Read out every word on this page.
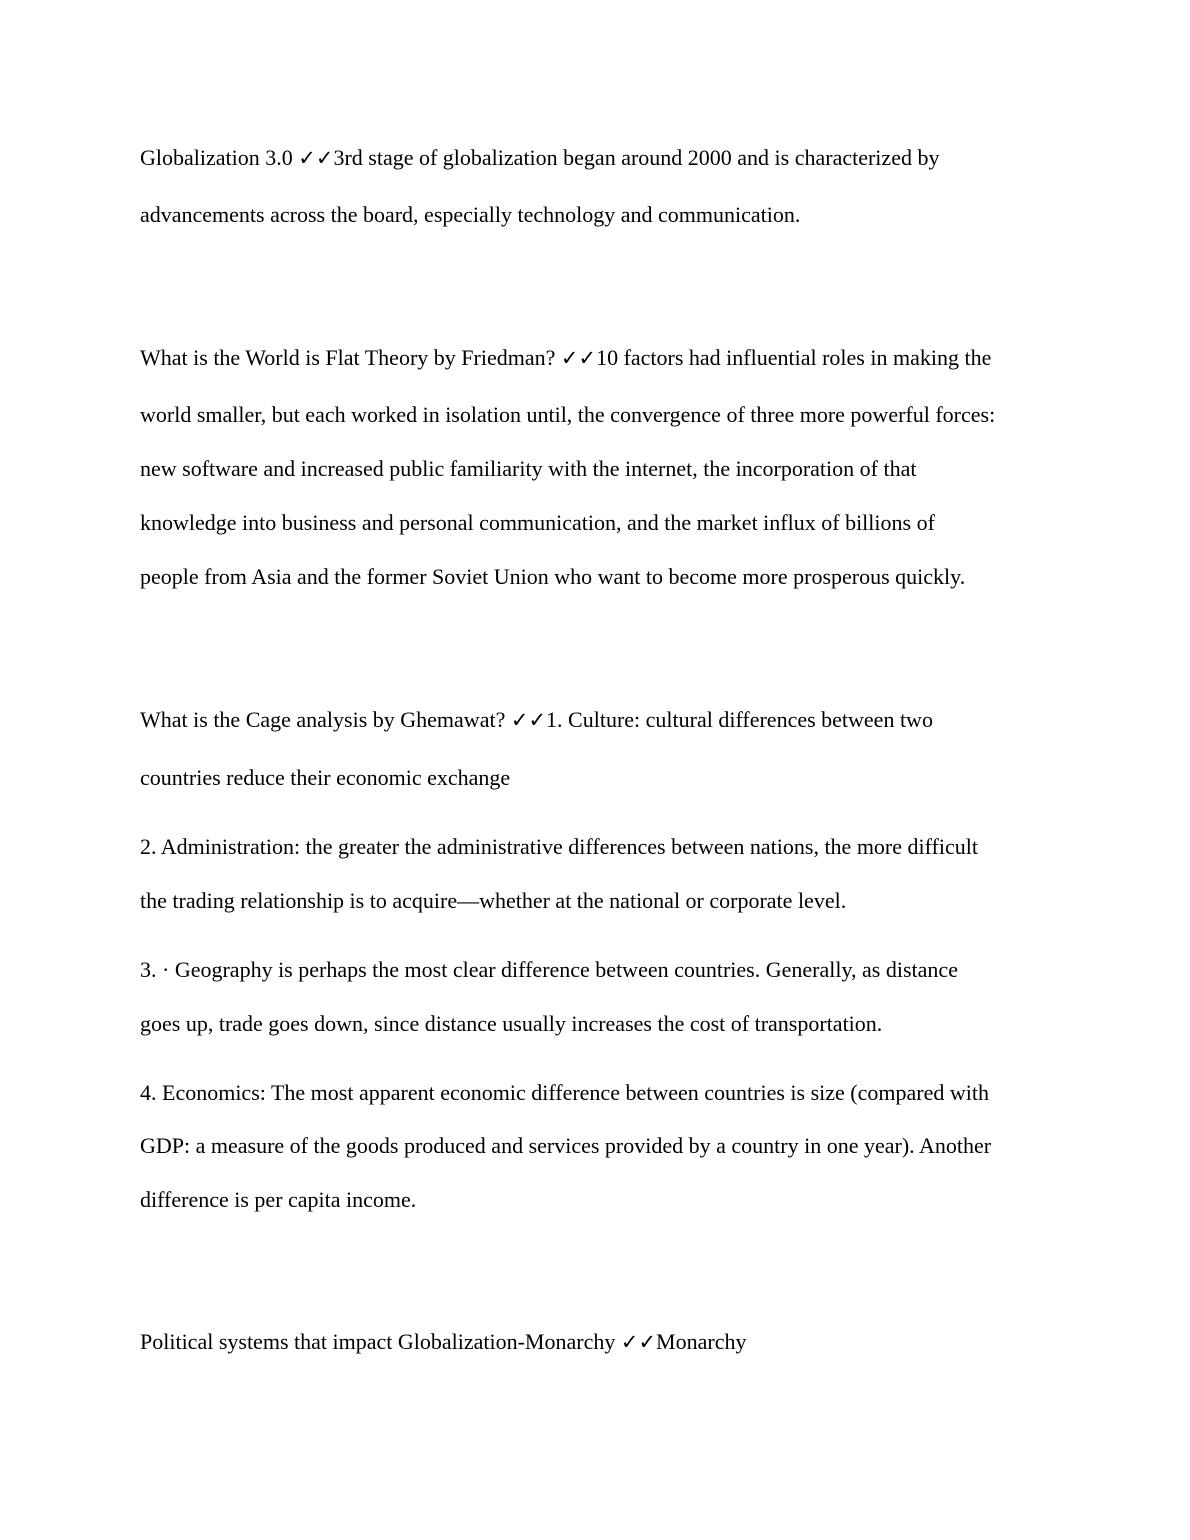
Globalization 3.0 ✓✓3rd stage of globalization began around 2000 and is characterized by
advancements across the board, especially technology and communication.
What is the World is Flat Theory by Friedman? ✓✓10 factors had influential roles in making the
world smaller, but each worked in isolation until, the convergence of three more powerful forces:
new software and increased public familiarity with the internet, the incorporation of that
knowledge into business and personal communication, and the market influx of billions of
people from Asia and the former Soviet Union who want to become more prosperous quickly.
What is the Cage analysis by Ghemawat? ✓✓1. Culture: cultural differences between two
countries reduce their economic exchange
2. Administration: the greater the administrative differences between nations, the more difficult
the trading relationship is to acquire—whether at the national or corporate level.
3. · Geography is perhaps the most clear difference between countries. Generally, as distance
goes up, trade goes down, since distance usually increases the cost of transportation.
4. Economics: The most apparent economic difference between countries is size (compared with
GDP: a measure of the goods produced and services provided by a country in one year). Another
difference is per capita income.
Political systems that impact Globalization-Monarchy ✓✓Monarchy
